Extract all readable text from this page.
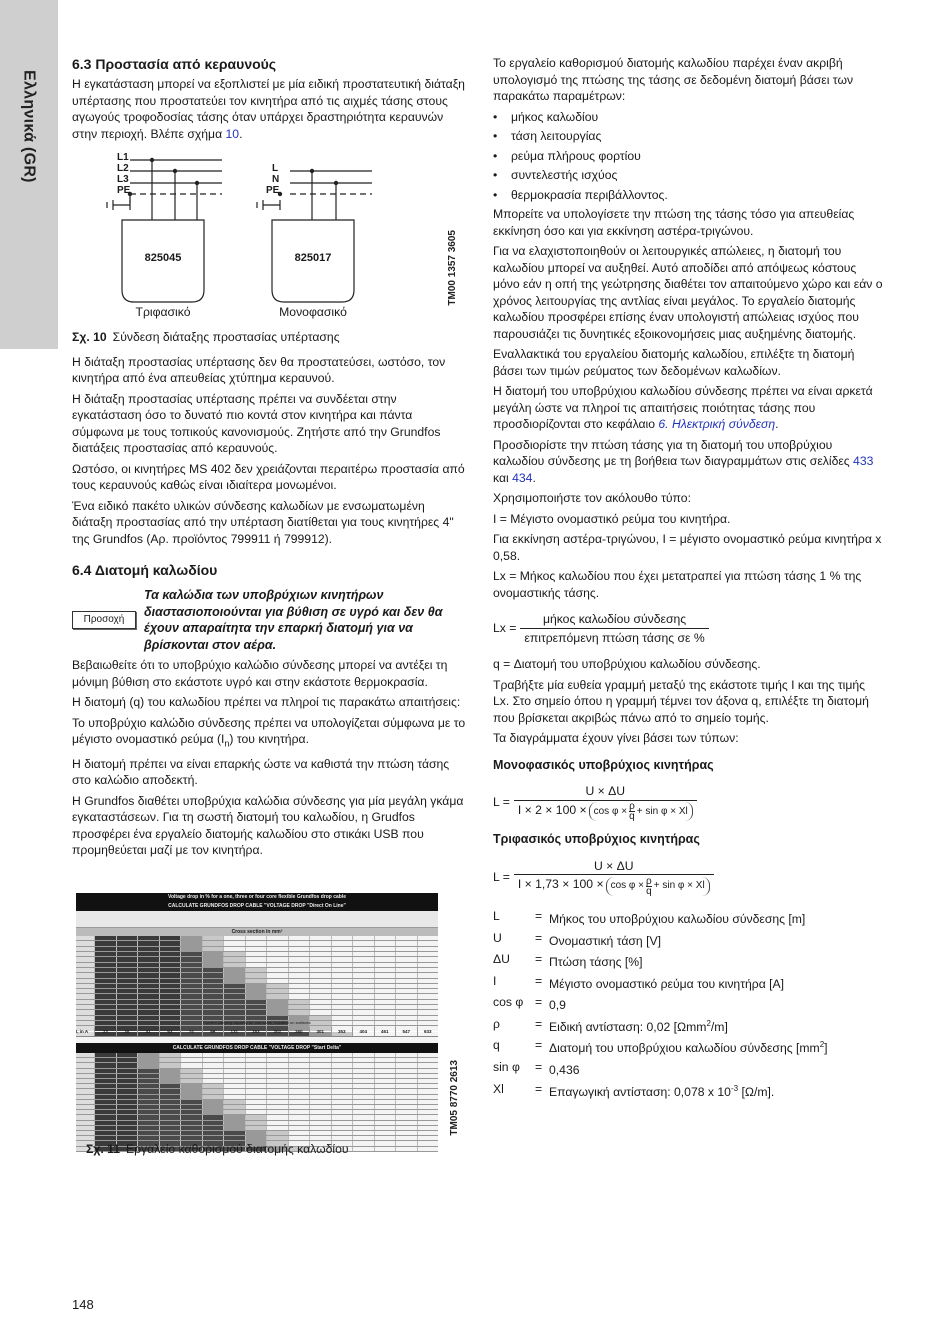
Ελληνικά (GR)
6.3 Προστασία από κεραυνούς

Η εγκατάσταση μπορεί να εξοπλιστεί με μία ειδική προστατευτική διάταξη υπέρτασης που προστατεύει τον κινητήρα από τις αιχμές τάσης στους αγωγούς τροφοδοσίας τάσης όταν υπάρχει δραστηριότητα κεραυνών στην περιοχή. Βλέπε σχήμα 10.

L1
L2
L3
PE
L
N
PE
825045	825017
Τριφασικό	Μονοφασικό
TM00 1357 3605

Σχ. 10 Σύνδεση διάταξης προστασίας υπέρτασης

Η διάταξη προστασίας υπέρτασης δεν θα προστατεύσει, ωστόσο, τον κινητήρα από ένα απευθείας χτύπημα κεραυνού.

Η διάταξη προστασίας υπέρτασης πρέπει να συνδέεται στην εγκατάσταση όσο το δυνατό πιο κοντά στον κινητήρα και πάντα σύμφωνα με τους τοπικούς κανονισμούς. Ζητήστε από την Grundfos διατάξεις προστασίας από κεραυνούς.

Ωστόσο, οι κινητήρες MS 402 δεν χρειάζονται περαιτέρω προστασία από τους κεραυνούς καθώς είναι ιδιαίτερα μονωμένοι.

Ένα ειδικό πακέτο υλικών σύνδεσης καλωδίων με ενσωματωμένη διάταξη προστασίας από την υπέρταση διατίθεται για τους κινητήρες 4" της Grundfos (Αρ. προϊόντος 799911 ή 799912).

6.4 Διατομή καλωδίου
Προσοχή
Τα καλώδια των υποβρύχιων κινητήρων διαστασιοποιούνται για βύθιση σε υγρό και δεν θα έχουν απαραίτητα την επαρκή διατομή για να βρίσκονται στον αέρα.

Βεβαιωθείτε ότι το υποβρύχιο καλώδιο σύνδεσης μπορεί να αντέξει τη μόνιμη βύθιση στο εκάστοτε υγρό και στην εκάστοτε θερμοκρασία.

Η διατομή (q) του καλωδίου πρέπει να πληροί τις παρακάτω απαιτήσεις:

Το υποβρύχιο καλώδιο σύνδεσης πρέπει να υπολογίζεται σύμφωνα με το μέγιστο ονομαστικό ρεύμα $(I_n)$ του κινητήρα.

Η διατομή πρέπει να είναι επαρκής ώστε να καθιστά την πτώση τάσης στο καλώδιο αποδεκτή.

Η Grundfos διαθέτει υποβρύχια καλώδια σύνδεσης για μία μεγάλη γκάμα εγκαταστάσεων. Για τη σωστή διατομή του καλωδίου, η Grudfos προσφέρει ένα εργαλείο διατομής καλωδίου στο στικάκι USB που προμηθεύεται μαζί με τον κινητήρα.

Voltage drop in % for a one, three or four core flexible Grundfos drop cable
CALCULATE GRUNDFOS DROP CABLE "VOLTAGE DROP "Direct On Line"
Cross section in mm²
Current carrying capacity for one cable, installed on surfaces
I, in A	23	30	41	53	74	99	131	153	202	260	301	353	404	461	547	633
CALCULATE GRUNDFOS DROP CABLE "VOLTAGE DROP "Start Delta"
TM05 8770 2613

Σχ. 11 Εργαλείο καθορισμού διατομής καλωδίου

Το εργαλείο καθορισμού διατομής καλωδίου παρέχει έναν ακριβή υπολογισμό της πτώσης της τάσης σε δεδομένη διατομή βάσει των παρακάτω παραμέτρων:

• μήκος καλωδίου
• τάση λειτουργίας
• ρεύμα πλήρους φορτίου
• συντελεστής ισχύος
• θερμοκρασία περιβάλλοντος.

Μπορείτε να υπολογίσετε την πτώση της τάσης τόσο για απευθείας εκκίνηση όσο και για εκκίνηση αστέρα-τριγώνου.

Για να ελαχιστοποιηθούν οι λειτουργικές απώλειες, η διατομή του καλωδίου μπορεί να αυξηθεί. Αυτό αποδίδει από απόψεως κόστους μόνο εάν η οπή της γεώτρησης διαθέτει τον απαιτούμενο χώρο και εάν ο χρόνος λειτουργίας της αντλίας είναι μεγάλος. Το εργαλείο διατομής καλωδίου προσφέρει επίσης έναν υπολογιστή απώλειας ισχύος που παρουσιάζει τις δυνητικές εξοικονομήσεις μιας αυξημένης διατομής.

Εναλλακτικά του εργαλείου διατομής καλωδίου, επιλέξτε τη διατομή βάσει των τιμών ρεύματος των δεδομένων καλωδίων.

Η διατομή του υποβρύχιου καλωδίου σύνδεσης πρέπει να είναι αρκετά μεγάλη ώστε να πληροί τις απαιτήσεις ποιότητας τάσης που προσδιορίζονται στο κεφάλαιο 6. Ηλεκτρική σύνδεση.

Προσδιορίστε την πτώση τάσης για τη διατομή του υποβρύχιου καλωδίου σύνδεσης με τη βοήθεια των διαγραμμάτων στις σελίδες 433 και 434.

Χρησιμοποιήστε τον ακόλουθο τύπο:

I = Μέγιστο ονομαστικό ρεύμα του κινητήρα.

Για εκκίνηση αστέρα-τριγώνου, I = μέγιστο ονομαστικό ρεύμα κινητήρα x 0,58.

Lx = Μήκος καλωδίου που έχει μετατραπεί για πτώση τάσης 1 % της ονομαστικής τάσης.

$Lx = \frac{\text{μήκος καλωδίου σύνδεσης}}{\text{επιτρεπόμενη πτώση τάσης σε \%}}$

q = Διατομή του υποβρύχιου καλωδίου σύνδεσης.

Τραβήξτε μία ευθεία γραμμή μεταξύ της εκάστοτε τιμής I και της τιμής Lx. Στο σημείο όπου η γραμμή τέμνει τον άξονα q, επιλέξτε τη διατομή που βρίσκεται ακριβώς πάνω από το σημείο τομής.

Τα διαγράμματα έχουν γίνει βάσει των τύπων:

Μονοφασικός υποβρύχιος κινητήρας
$L = \frac{U \times \Delta U}{I \times 2 \times 100 \times \cos \varphi \times \frac{\rho}{q} + \sin \varphi \times Xl}$
Τριφασικός υποβρύχιος κινητήρας
$L = \frac{U \times \Delta U}{I \times 1,73 \times 100 \times \cos \varphi \times \frac{\rho}{q} + \sin \varphi \times Xl}$
L	=	Μήκος του υποβρύχιου καλωδίου σύνδεσης [m]
U	=	Ονομαστική τάση [V]
ΔU	=	Πτώση τάσης [%]
I	=	Μέγιστο ονομαστικό ρεύμα του κινητήρα [A]
cos φ	=	0,9
ρ	=	Ειδική αντίσταση: 0,02 [Ωmm$^2$/m]
q	=	Διατομή του υποβρύχιου καλωδίου σύνδεσης $[mm^2]$
sin φ	=	0,436
Xl	=	Επαγωγική αντίσταση: 0,078 x $10^{-3}$ [Ω/m].
148
